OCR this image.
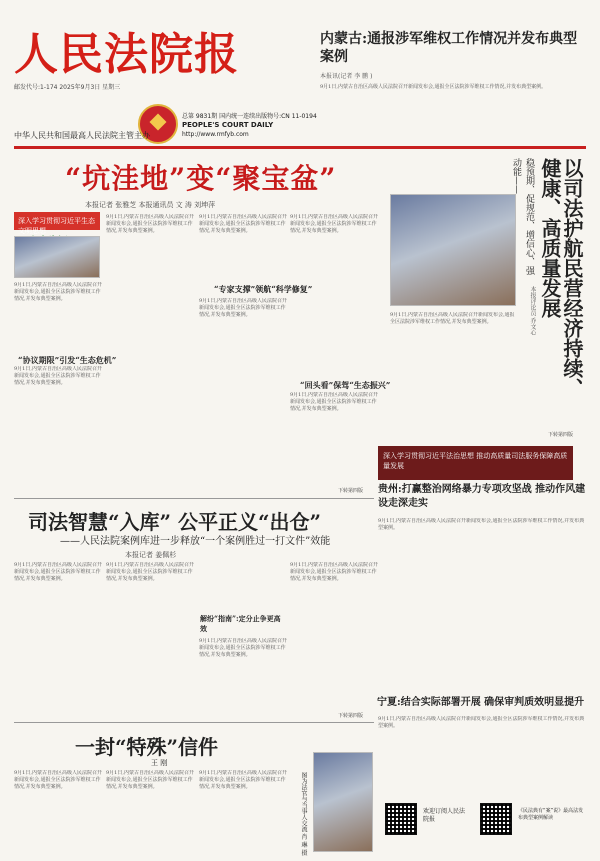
人民法院报
邮发代号:1-174 2025年9月3日 星期三
中华人民共和国最高人民法院主管主办
总第 9831期 国内统一连续出版物号:CN 11-0194
PEOPLE'S COURT DAILY
http://www.rmfyb.com
内蒙古:通报涉军维权工作情况并发布典型案例
本报讯(记者 李 鹏 )
9月1日,内蒙古自治区高级人民法院召开新闻发布会,通报全区法院涉军维权工作情况,并发布典型案例。
“坑洼地”变“聚宝盆”
本报记者 张雅芝 本报通讯员 文 涛 刘坤萍
深入学习贯彻习近平生态文明思想
9月1日,内蒙古自治区高级人民法院召开新闻发布会,通报全区法院涉军维权工作情况,并发布典型案例。
“协议期限”引发“生态危机”
9月1日,内蒙古自治区高级人民法院召开新闻发布会,通报全区法院涉军维权工作情况,并发布典型案例。
9月1日,内蒙古自治区高级人民法院召开新闻发布会,通报全区法院涉军维权工作情况,并发布典型案例。
“专家支撑”领航“科学修复”
9月1日,内蒙古自治区高级人民法院召开新闻发布会,通报全区法院涉军维权工作情况,并发布典型案例。
9月1日,内蒙古自治区高级人民法院召开新闻发布会,通报全区法院涉军维权工作情况,并发布典型案例。
9月1日,内蒙古自治区高级人民法院召开新闻发布会,通报全区法院涉军维权工作情况,并发布典型案例。
“回头看”保驾“生态振兴”
9月1日,内蒙古自治区高级人民法院召开新闻发布会,通报全区法院涉军维权工作情况,并发布典型案例。
下转第四版
9月1日,内蒙古自治区高级人民法院召开新闻发布会,通报全区法院涉军维权工作情况,并发布典型案例。
稳预期、促规范、增信心、强动能——	以司法护航民营经济持续、健康、高质量发展
本报评论员 乔文心
深入学习贯彻习近平法治思想 推动高质量司法服务保障高质量发展
下转第四版
司法智慧“入库” 公平正义“出仓”
——人民法院案例库进一步释放“一个案例胜过一打文件”效能
本报记者 姜佩杉
9月1日,内蒙古自治区高级人民法院召开新闻发布会,通报全区法院涉军维权工作情况,并发布典型案例。
9月1日,内蒙古自治区高级人民法院召开新闻发布会,通报全区法院涉军维权工作情况,并发布典型案例。
解纷“指南”:定分止争更高效
9月1日,内蒙古自治区高级人民法院召开新闻发布会,通报全区法院涉军维权工作情况,并发布典型案例。
9月1日,内蒙古自治区高级人民法院召开新闻发布会,通报全区法院涉军维权工作情况,并发布典型案例。
下转第四版
贵州:打赢整治网络暴力专项攻坚战 推动作风建设走深走实
9月1日,内蒙古自治区高级人民法院召开新闻发布会,通报全区法院涉军维权工作情况,并发布典型案例。
宁夏:结合实际部署开展 确保审判质效明显提升
9月1日,内蒙古自治区高级人民法院召开新闻发布会,通报全区法院涉军维权工作情况,并发布典型案例。
一封“特殊”信件
王 刚
9月1日,内蒙古自治区高级人民法院召开新闻发布会,通报全区法院涉军维权工作情况,并发布典型案例。
9月1日,内蒙古自治区高级人民法院召开新闻发布会,通报全区法院涉军维权工作情况,并发布典型案例。
9月1日,内蒙古自治区高级人民法院召开新闻发布会,通报全区法院涉军维权工作情况,并发布典型案例。	图为法官与当事人交流 肖 琳 摄	欢迎订阅人民法院报
《民法典有“案”说》最高法发布典型案例解读
